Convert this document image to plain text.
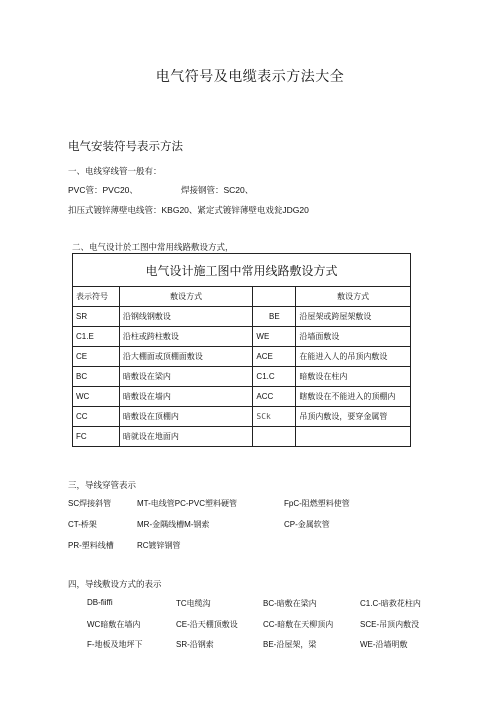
电气符号及电缆表示方法大全
电气安装符号表示方法
一、电线穿线管一般有：
PVC管：PVC20、	焊接钢管：SC20、
扣压式镀锌薄壁电线管：KBG20、紧定式镀锌薄壁电戏瓮JDG20
二、电气设计於工图中常用线路敷设方式，
电气设计施工图中常用线路敷设方式			
表示符号	敷设方式		敷设方式
SR	沿钢线钢敷设	BE	沿屋架或跨屋架敷设
C1.E	沿柱或跨柱敷设	WE	沿墙面敷设
CE	沿大棚面或顶棚面敷设	ACE	在能进入人的吊顶内敷设
BC	暗敷设在梁内	C1.C	暗敷设在柱内
WC	暗敷设在墙内	ACC	瞎敷设在不能进入的顶棚内
CC	暗敷设在顶棚内	SCk	吊顶内敷设，要穿金属管
FC	暗就设在地面内		
三，导线穿管表示
SC焊接斜管	MT-电线管PC-PVC塑料硬管	FpC-阻燃塑料使管
CT-桥架	MR-金隅线槽M-钢索	CP-金属软管
PR-塑料线槽	RC镀锌钢管
四，导线敷设方式的表示
DB-fiiffi	TC电缆沟	BC-暗敷在梁内	C1.C-暗救花柱内
WC暗敷在墙内	CE-沿天棚顶敷设	CC-暗敷在天柳顶内	SCE-吊顶内敷没
F-地板及地坪下	SR-沿钢索	BE-沿屋架，梁	WE-沿墙明敷
